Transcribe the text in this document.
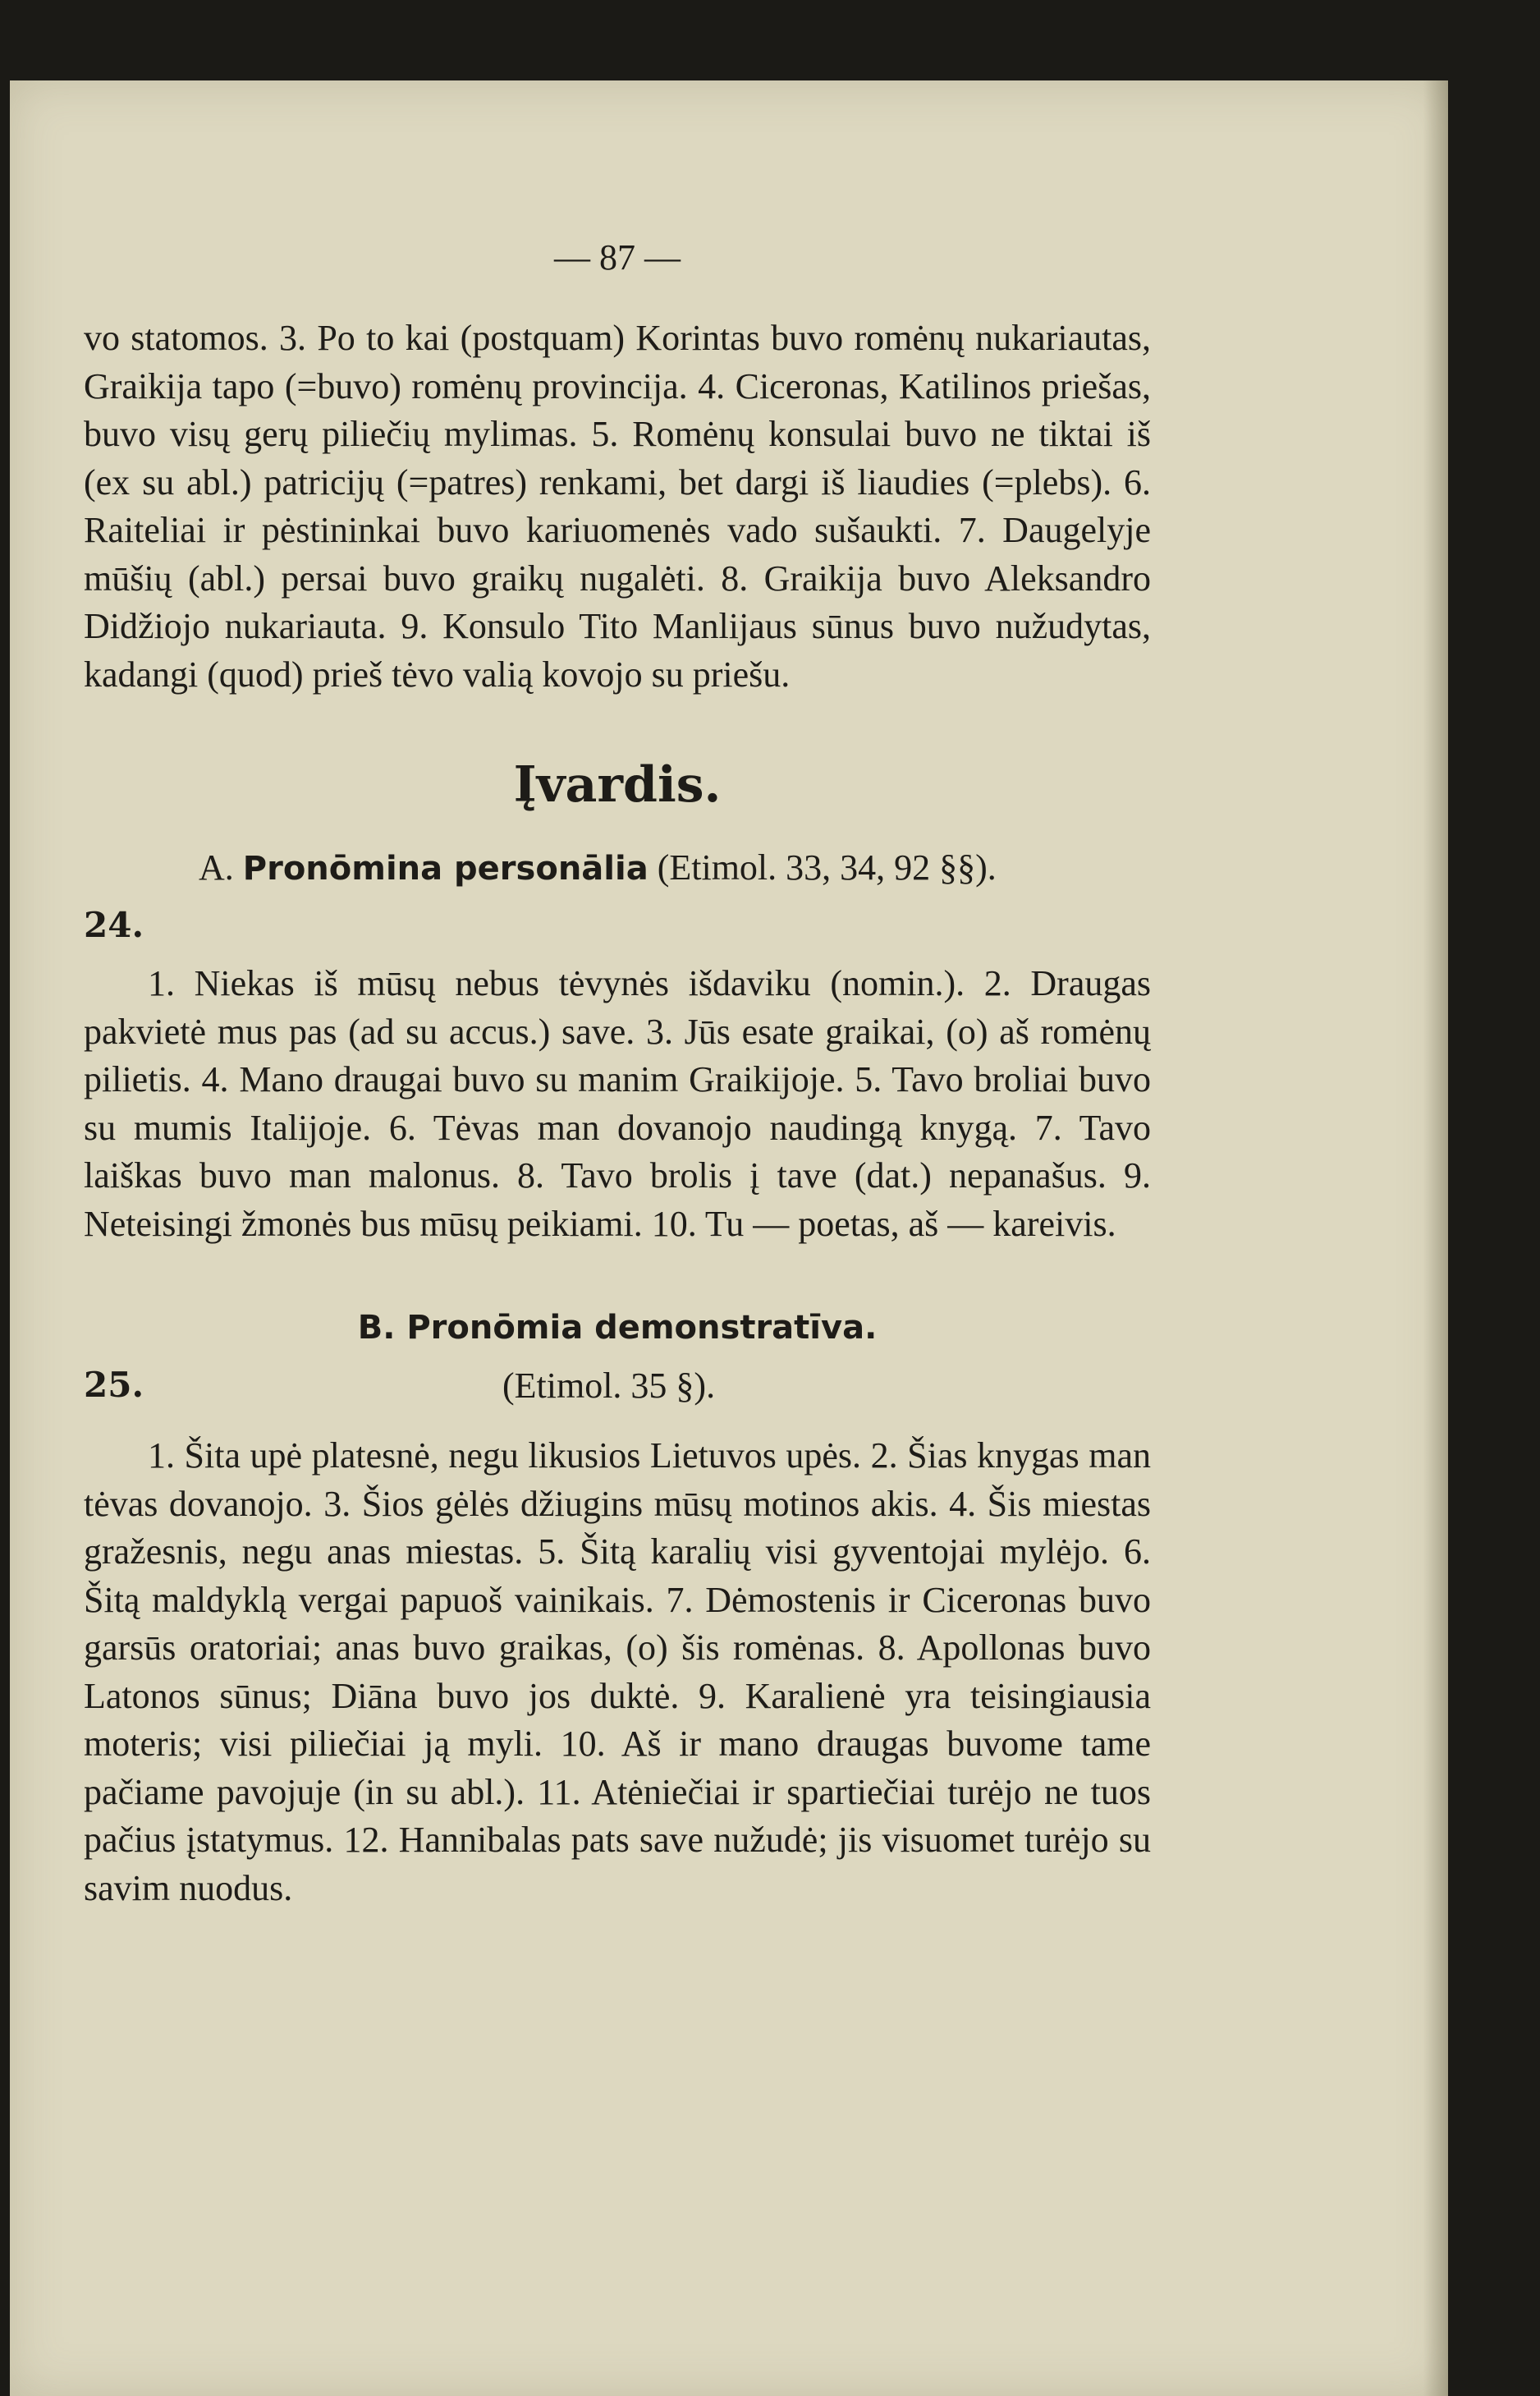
— 87 —

vo statomos. 3. Po to kai (postquam) Korintas buvo romėnų nukariautas, Graikija tapo (=buvo) romėnų provincija. 4. Ciceronas, Katilinos priešas, buvo visų gerų piliečių mylimas. 5. Romėnų konsulai buvo ne tiktai iš (ex su abl.) patricijų (=patres) renkami, bet dargi iš liaudies (=plebs). 6. Raiteliai ir pėstininkai buvo kariuomenės vado sušaukti. 7. Daugelyje mūšių (abl.) persai buvo graikų nugalėti. 8. Graikija buvo Aleksandro Didžiojo nukariauta. 9. Konsulo Tito Manlijaus sūnus buvo nužudytas, kadangi (quod) prieš tėvo valią kovojo su priešu.

Įvardis.
A. Pronōmina personālia (Etimol. 33, 34, 92 §§).
24.

1. Niekas iš mūsų nebus tėvynės išdaviku (nomin.). 2. Draugas pakvietė mus pas (ad su accus.) save. 3. Jūs esate graikai, (o) aš romėnų pilietis. 4. Mano draugai buvo su manim Graikijoje. 5. Tavo broliai buvo su mumis Italijoje. 6. Tėvas man dovanojo naudingą knygą. 7. Tavo laiškas buvo man malonus. 8. Tavo brolis į tave (dat.) nepanašus. 9. Neteisingi žmonės bus mūsų peikiami. 10. Tu — poetas, aš — kareivis.

B. Pronōmia demonstratīva.
25.	(Etimol. 35 §).

1. Šita upė platesnė, negu likusios Lietuvos upės. 2. Šias knygas man tėvas dovanojo. 3. Šios gėlės džiugins mūsų motinos akis. 4. Šis miestas gražesnis, negu anas miestas. 5. Šitą karalių visi gyventojai mylėjo. 6. Šitą maldyklą vergai papuoš vainikais. 7. Dėmostenis ir Ciceronas buvo garsūs oratoriai; anas buvo graikas, (o) šis romėnas. 8. Apollonas buvo Latonos sūnus; Diāna buvo jos duktė. 9. Karalienė yra teisingiausia moteris; visi piliečiai ją myli. 10. Aš ir mano draugas buvome tame pačiame pavojuje (in su abl.). 11. Atėniečiai ir spartiečiai turėjo ne tuos pačius įstatymus. 12. Hannibalas pats save nužudė; jis visuomet turėjo su savim nuodus.
